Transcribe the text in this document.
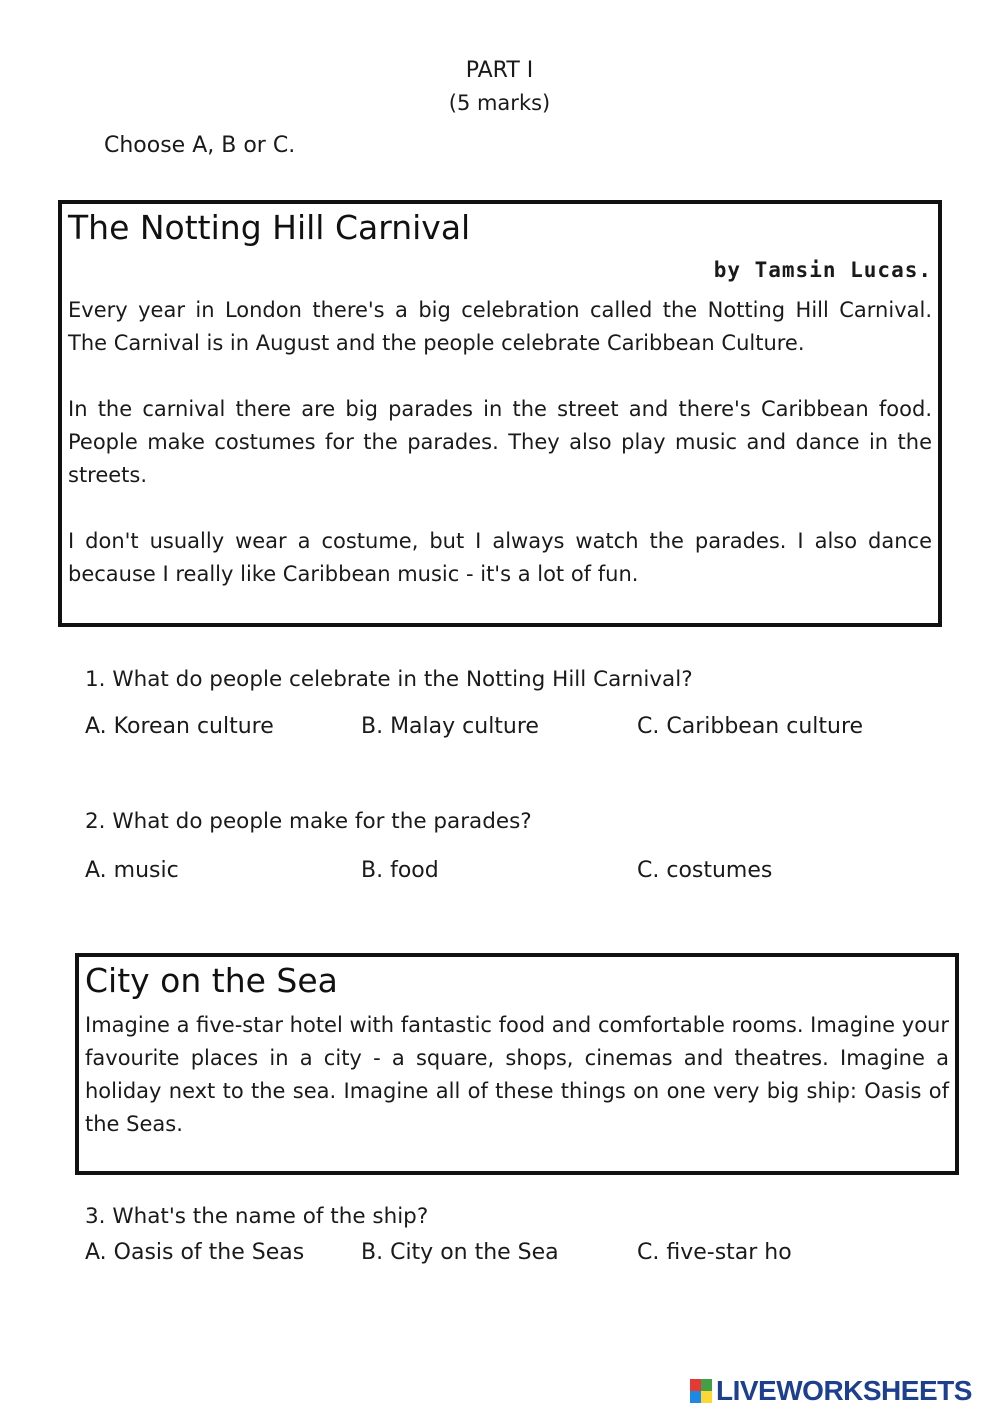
PART I
(5 marks)
Choose A, B or C.
The Notting Hill Carnival
by Tamsin Lucas.
Every year in London there's a big celebration called the Notting Hill Carnival. The Carnival is in August and the people celebrate Caribbean Culture.
In the carnival there are big parades in the street and there's Caribbean food. People make costumes for the parades. They also play music and dance in the streets.
I don't usually wear a costume, but I always watch the parades. I also dance because I really like Caribbean music - it's a lot of fun.
1. What do people celebrate in the Notting Hill Carnival?
A. Korean culture	B. Malay culture	C. Caribbean culture
2. What do people make for the parades?
A. music	B. food	C. costumes
City on the Sea
Imagine a five-star hotel with fantastic food and comfortable rooms. Imagine your favourite places in a city - a square, shops, cinemas and theatres. Imagine a holiday next to the sea. Imagine all of these things on one very big ship: Oasis of the Seas.
3. What's the name of the ship?
A. Oasis of the Seas	B. City on the Sea	C. five-star ho
LIVEWORKSHEETS
